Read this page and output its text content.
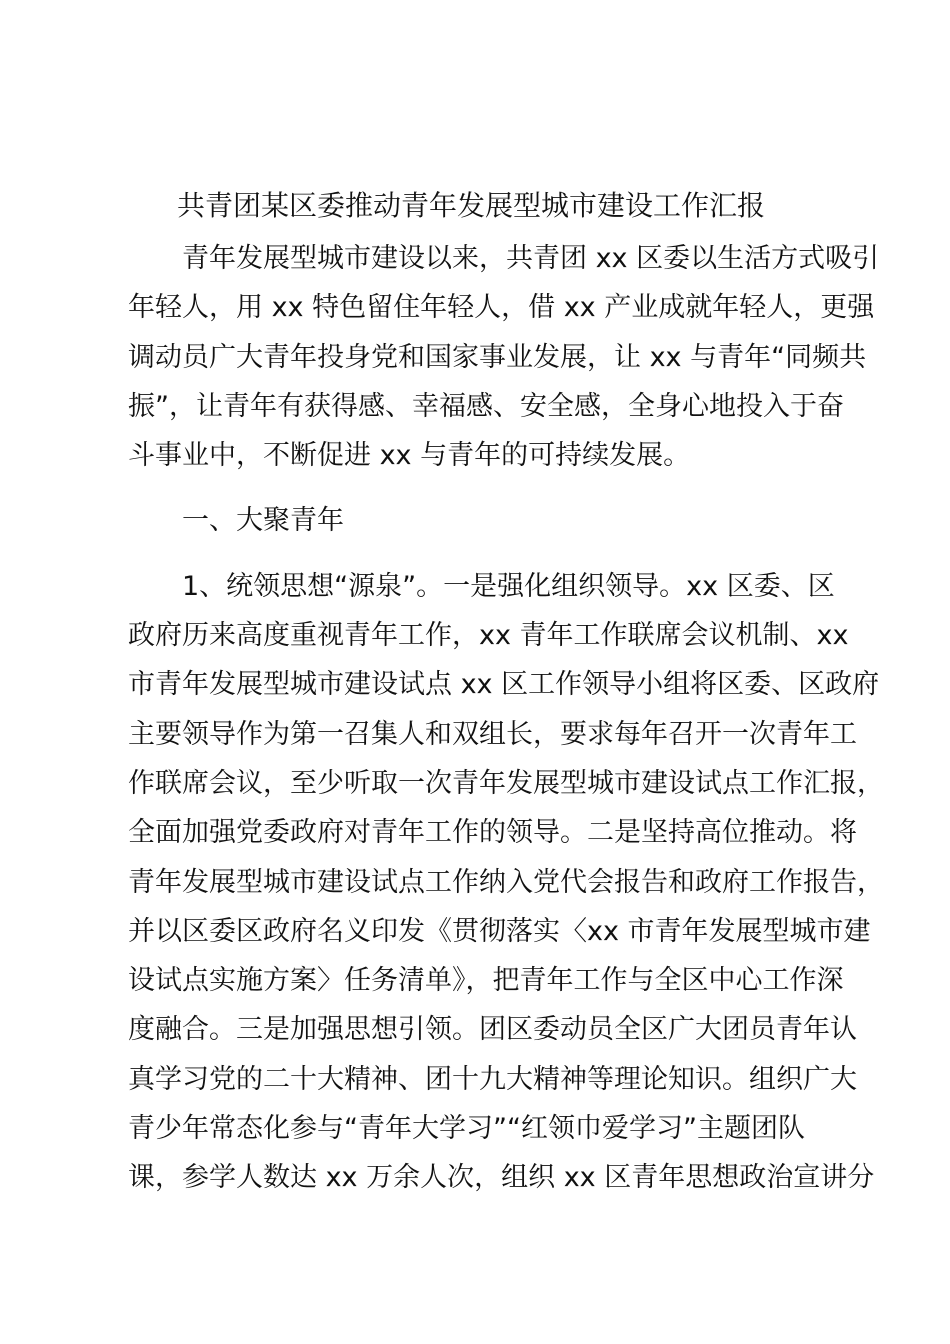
共青团某区委推动青年发展型城市建设工作汇报
青年发展型城市建设以来，共青团 xx 区委以生活方式吸引
年轻人，用 xx 特色留住年轻人，借 xx 产业成就年轻人，更强
调动员广大青年投身党和国家事业发展，让 xx 与青年“同频共
振”，让青年有获得感、幸福感、安全感，全身心地投入于奋
斗事业中，不断促进 xx 与青年的可持续发展。
一、大聚青年
1、统领思想“源泉”。一是强化组织领导。xx 区委、区
政府历来高度重视青年工作，xx 青年工作联席会议机制、xx
市青年发展型城市建设试点 xx 区工作领导小组将区委、区政府
主要领导作为第一召集人和双组长，要求每年召开一次青年工
作联席会议，至少听取一次青年发展型城市建设试点工作汇报，
全面加强党委政府对青年工作的领导。二是坚持高位推动。将
青年发展型城市建设试点工作纳入党代会报告和政府工作报告，
并以区委区政府名义印发《贯彻落实〈xx 市青年发展型城市建
设试点实施方案〉任务清单》，把青年工作与全区中心工作深
度融合。三是加强思想引领。团区委动员全区广大团员青年认
真学习党的二十大精神、团十九大精神等理论知识。组织广大
青少年常态化参与“青年大学习”“红领巾爱学习”主题团队
课，参学人数达 xx 万余人次，组织 xx 区青年思想政治宣讲分
